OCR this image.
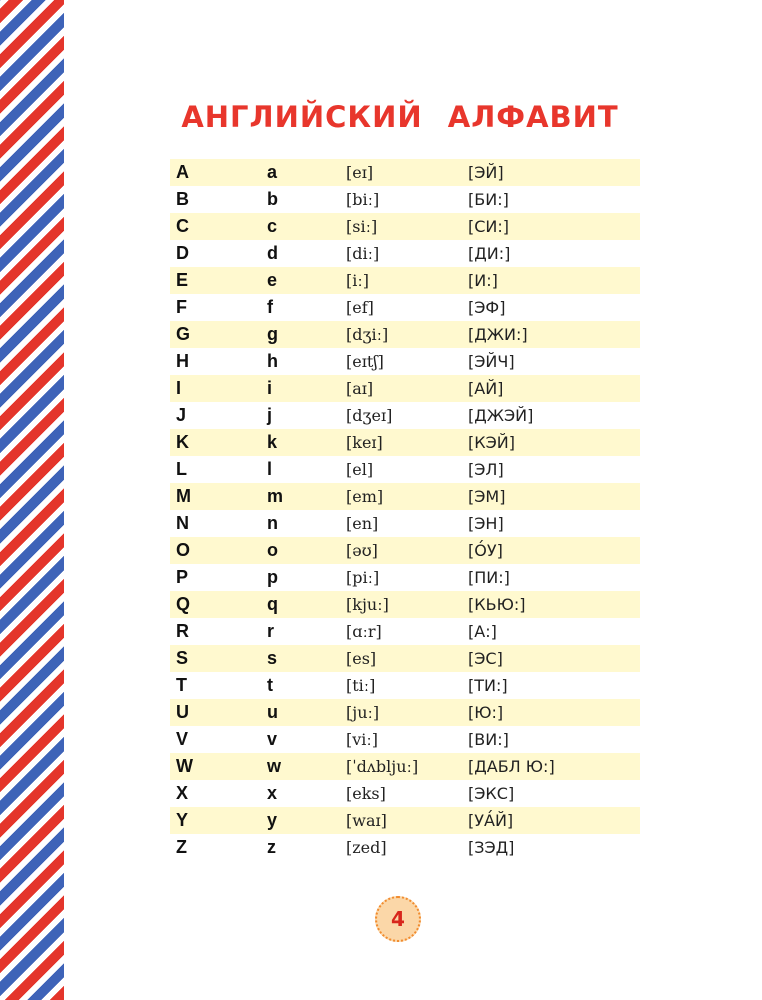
АНГЛИЙСКИЙ АЛФАВИТ
A	a	[eɪ]	[ЭЙ]
B	b	[biː]	[БИ:]
C	c	[siː]	[СИ:]
D	d	[diː]	[ДИ:]
E	e	[iː]	[И:]
F	f	[ef]	[ЭФ]
G	g	[dʒiː]	[ДЖИ:]
H	h	[eɪtʃ]	[ЭЙЧ]
I	i	[aɪ]	[АЙ]
J	j	[dʒeɪ]	[ДЖЭЙ]
K	k	[keɪ]	[КЭЙ]
L	l	[el]	[ЭЛ]
M	m	[em]	[ЭМ]
N	n	[en]	[ЭН]
O	o	[əʊ]	[О́У]
P	p	[piː]	[ПИ:]
Q	q	[kjuː]	[КЬЮ:]
R	r	[ɑːr]	[А:]
S	s	[es]	[ЭС]
T	t	[tiː]	[ТИ:]
U	u	[juː]	[Ю:]
V	v	[viː]	[ВИ:]
W	w	[ˈdʌbljuː]	[ДАБЛ Ю:]
X	x	[eks]	[ЭКС]
Y	y	[waɪ]	[УА́Й]
Z	z	[zed]	[ЗЭД]
4
